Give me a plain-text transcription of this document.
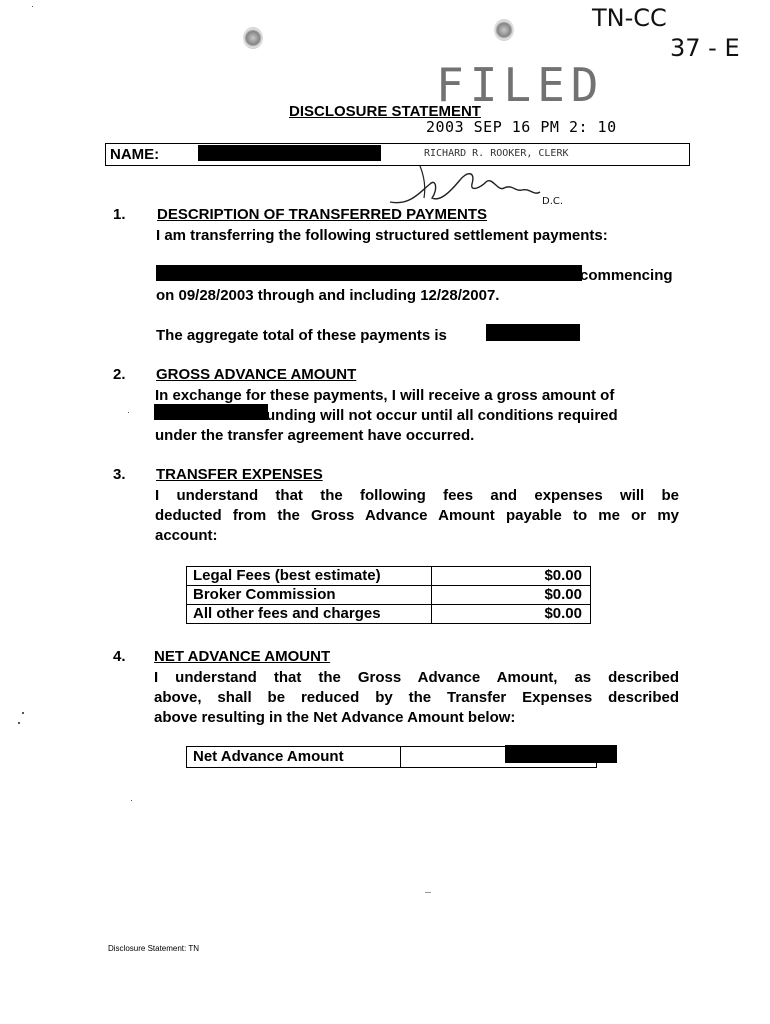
TN-CC
37 - E
FILED
DISCLOSURE STATEMENT
2003 SEP 16 PM 2: 10
NAME:	RICHARD R. ROOKER, CLERK
D.C.
1. DESCRIPTION OF TRANSFERRED PAYMENTS
I am transferring the following structured settlement payments:
commencing
on 09/28/2003 through and including 12/28/2007.
The aggregate total of these payments is
2. GROSS ADVANCE AMOUNT
In exchange for these payments, I will receive a gross amount of
unding will not occur until all conditions required
under the transfer agreement have occurred.
3. TRANSFER EXPENSES
I understand that the following fees and expenses will be
deducted from the Gross Advance Amount payable to me or my
account:
Legal Fees (best estimate)	$0.00
Broker Commission	$0.00
All other fees and charges	$0.00
4. NET ADVANCE AMOUNT
I understand that the Gross Advance Amount, as described
above, shall be reduced by the Transfer Expenses described
above resulting in the Net Advance Amount below:
Net Advance Amount
Disclosure Statement: TN
